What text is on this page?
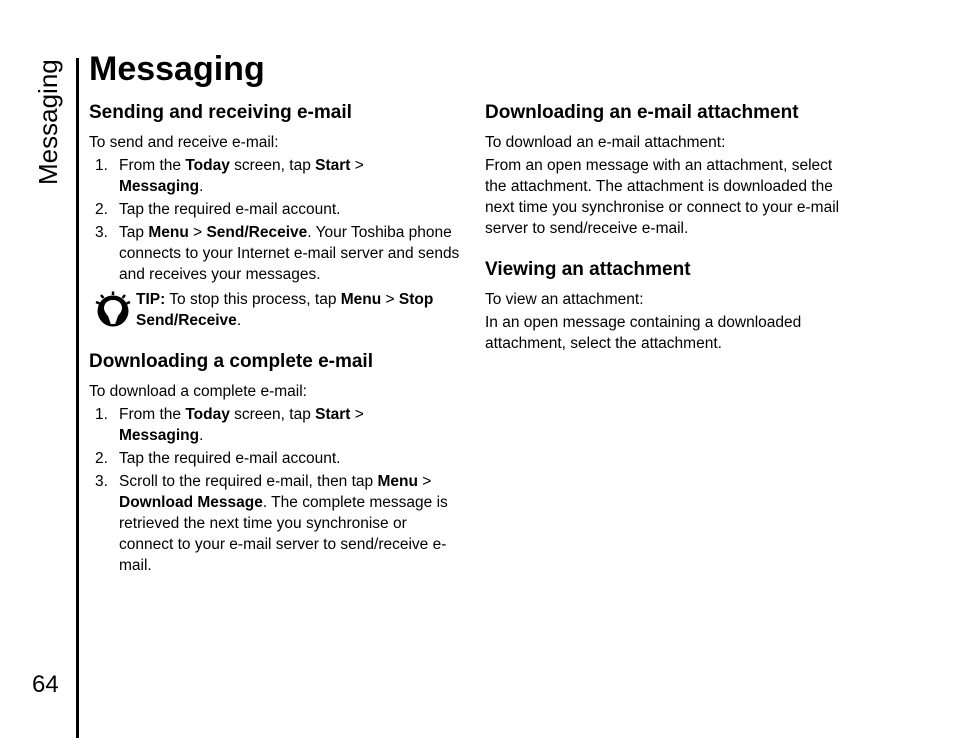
Messaging
64
Messaging
Sending and receiving e-mail

To send and receive e-mail:

1. From the Today screen, tap Start >
Messaging.
2. Tap the required e-mail account.
3. Tap Menu > Send/Receive. Your Toshiba phone connects to your Internet e-mail server and sends and receives your messages.
TIP: To stop this process, tap Menu > Stop Send/Receive.
Downloading a complete e-mail

To download a complete e-mail:

1. From the Today screen, tap Start >
Messaging.
2. Tap the required e-mail account.
3. Scroll to the required e-mail, then tap Menu >
Download Message. The complete message is retrieved the next time you synchronise or connect to your e-mail server to send/receive e-mail.
Downloading an e-mail attachment

To download an e-mail attachment:

From an open message with an attachment, select the attachment. The attachment is downloaded the next time you synchronise or connect to your e-mail server to send/receive e-mail.

Viewing an attachment

To view an attachment:

In an open message containing a downloaded attachment, select the attachment.
